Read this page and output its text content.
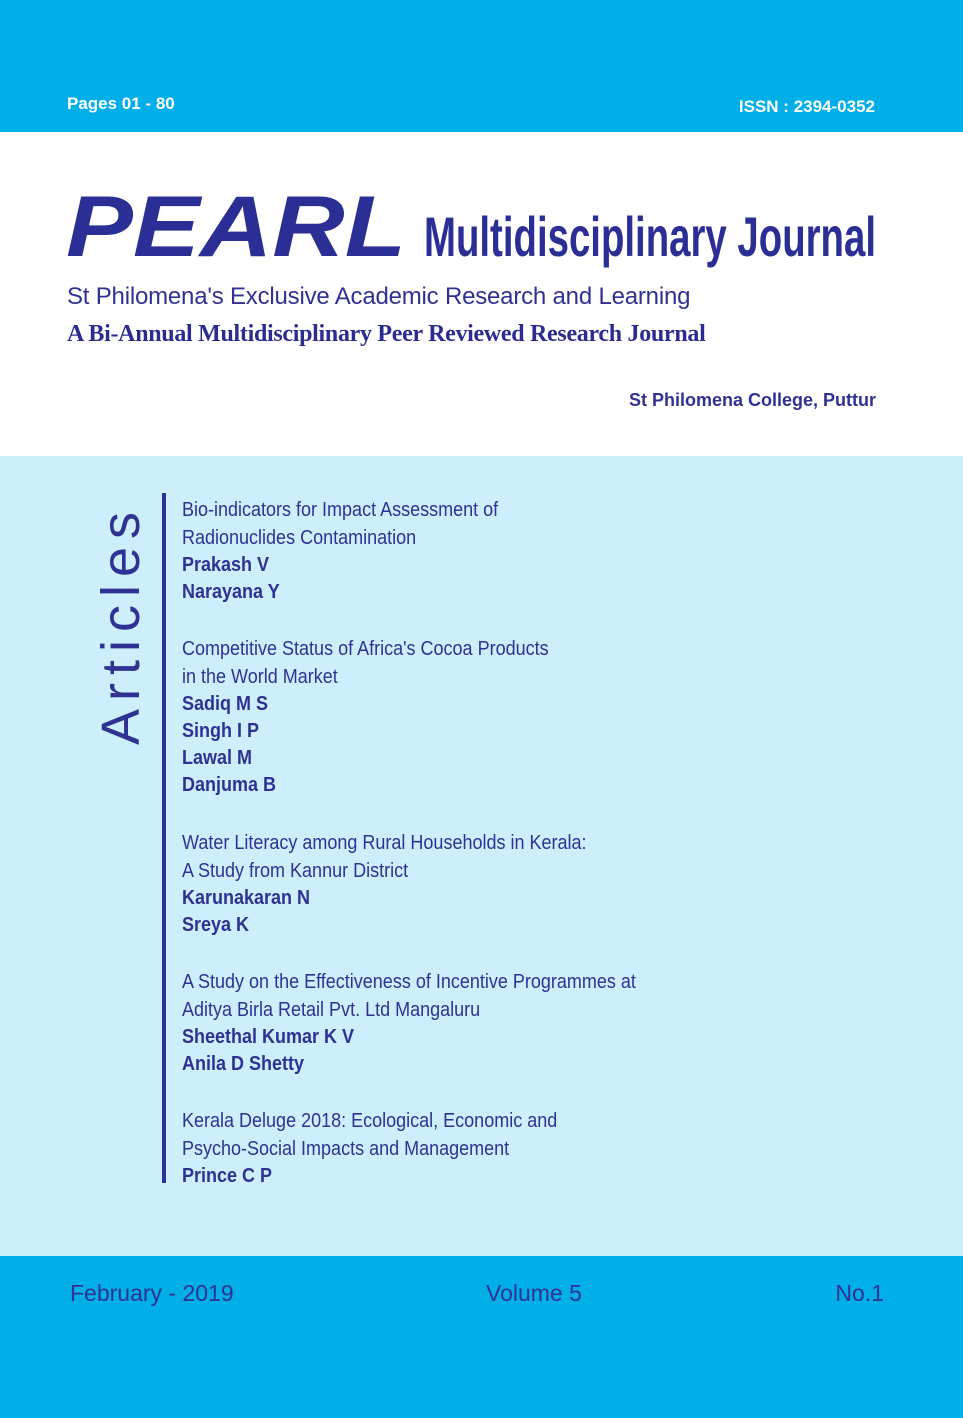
Pages 01 - 80	ISSN : 2394-0352
PEARL Multidisciplinary Journal
St Philomena's Exclusive Academic Research and Learning
A Bi-Annual Multidisciplinary Peer Reviewed Research Journal
St Philomena College, Puttur
Articles Bio-indicators for Impact Assessment of
Radionuclides Contamination
Prakash V
Narayana Y
Competitive Status of Africa's Cocoa Products
in the World Market
Sadiq M S
Singh I P
Lawal M
Danjuma B
Water Literacy among Rural Households in Kerala:
A Study from Kannur District
Karunakaran N
Sreya K
A Study on the Effectiveness of Incentive Programmes at
Aditya Birla Retail Pvt. Ltd Mangaluru
Sheethal Kumar K V
Anila D Shetty
Kerala Deluge 2018: Ecological, Economic and
Psycho-Social Impacts and Management
Prince C P
February - 2019	Volume 5	No.1
